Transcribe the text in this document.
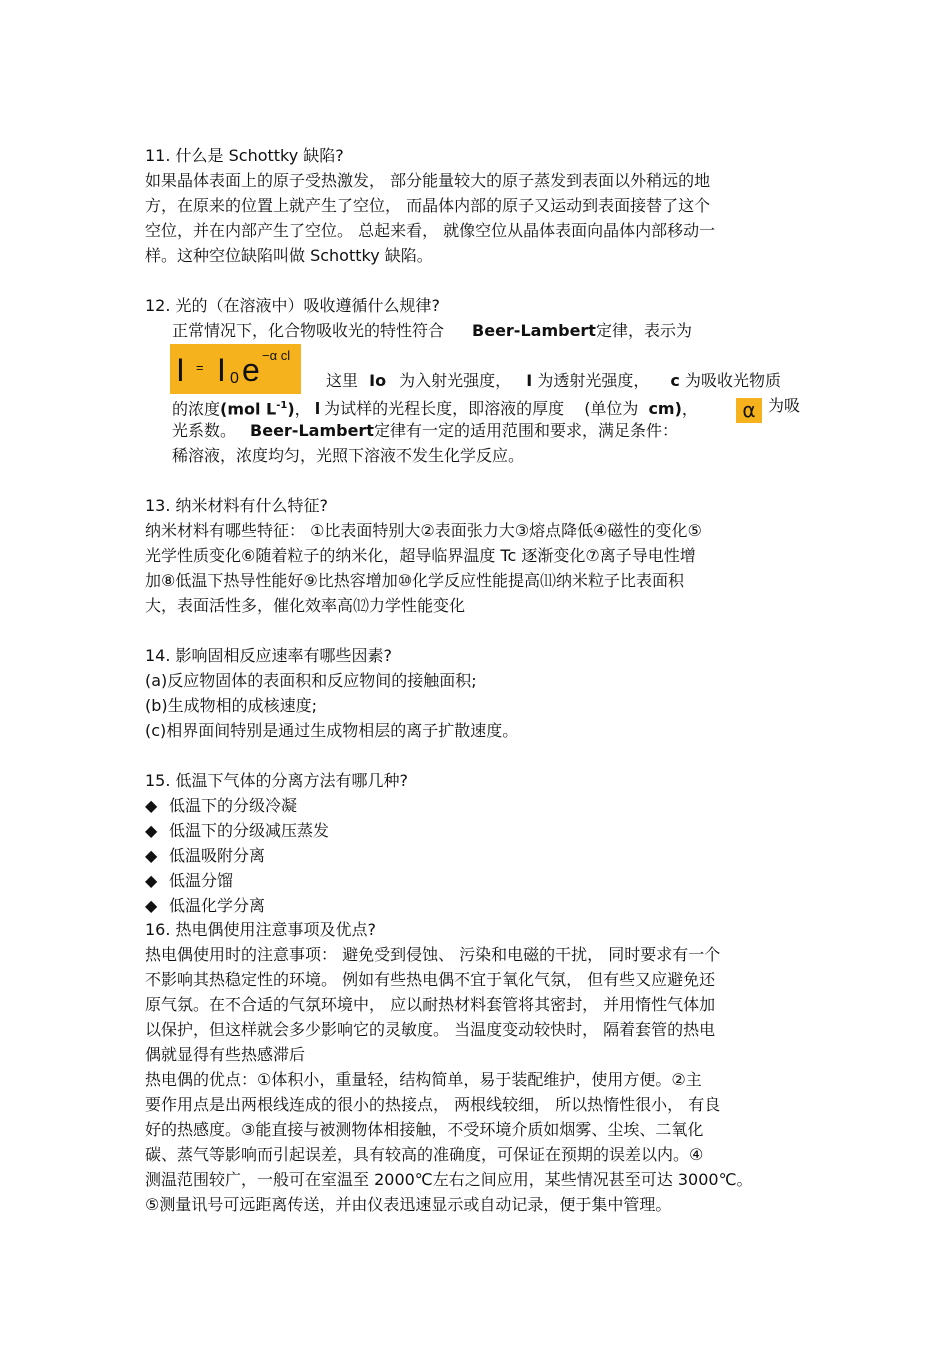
11. 什么是 Schottky 缺陷?
如果晶体表面上的原子受热激发， 部分能量较大的原子蒸发到表面以外稍远的地
方，在原来的位置上就产生了空位， 而晶体内部的原子又运动到表面接替了这个
空位，并在内部产生了空位。 总起来看， 就像空位从晶体表面向晶体内部移动一
样。这种空位缺陷叫做 Schottky 缺陷。
12. 光的（在溶液中）吸收遵循什么规律?
正常情况下，化合物吸收光的特性符合 Beer-Lambert定律，表示为
I = I 0 e −α cl
这里 Io 为入射光强度， I 为透射光强度， c 为吸收光物质
的浓度(mol $L^{-1}$)， l 为试样的光程长度，即溶液的厚度 (单位为 cm)，	α 为吸
光系数。 Beer-Lambert定律有一定的适用范围和要求，满足条件：
稀溶液，浓度均匀，光照下溶液不发生化学反应。
13. 纳米材料有什么特征?
纳米材料有哪些特征： ①比表面特别大②表面张力大③熔点降低④磁性的变化⑤
光学性质变化⑥随着粒子的纳米化，超导临界温度 Tc 逐渐变化⑦离子导电性增
加⑧低温下热导性能好⑨比热容增加⑩化学反应性能提高⑾纳米粒子比表面积
大，表面活性多，催化效率高⑿力学性能变化
14. 影响固相反应速率有哪些因素?
(a)反应物固体的表面积和反应物间的接触面积;
(b)生成物相的成核速度;
(c)相界面间特别是通过生成物相层的离子扩散速度。
15. 低温下气体的分离方法有哪几种?
◆ 低温下的分级冷凝
◆ 低温下的分级减压蒸发
◆ 低温吸附分离
◆ 低温分馏
◆ 低温化学分离
16. 热电偶使用注意事项及优点?
热电偶使用时的注意事项： 避免受到侵蚀、 污染和电磁的干扰， 同时要求有一个
不影响其热稳定性的环境。 例如有些热电偶不宜于氧化气氛， 但有些又应避免还
原气氛。在不合适的气氛环境中， 应以耐热材料套管将其密封， 并用惰性气体加
以保护，但这样就会多少影响它的灵敏度。 当温度变动较快时， 隔着套管的热电
偶就显得有些热感滞后
热电偶的优点：①体积小，重量轻，结构简单，易于装配维护，使用方便。②主
要作用点是出两根线连成的很小的热接点， 两根线较细， 所以热惰性很小， 有良
好的热感度。③能直接与被测物体相接触，不受环境介质如烟雾、尘埃、二氧化
碳、蒸气等影响而引起误差，具有较高的准确度，可保证在预期的误差以内。④
测温范围较广，一般可在室温至 2000℃左右之间应用，某些情况甚至可达 3000℃。
⑤测量讯号可远距离传送，并由仪表迅速显示或自动记录，便于集中管理。
